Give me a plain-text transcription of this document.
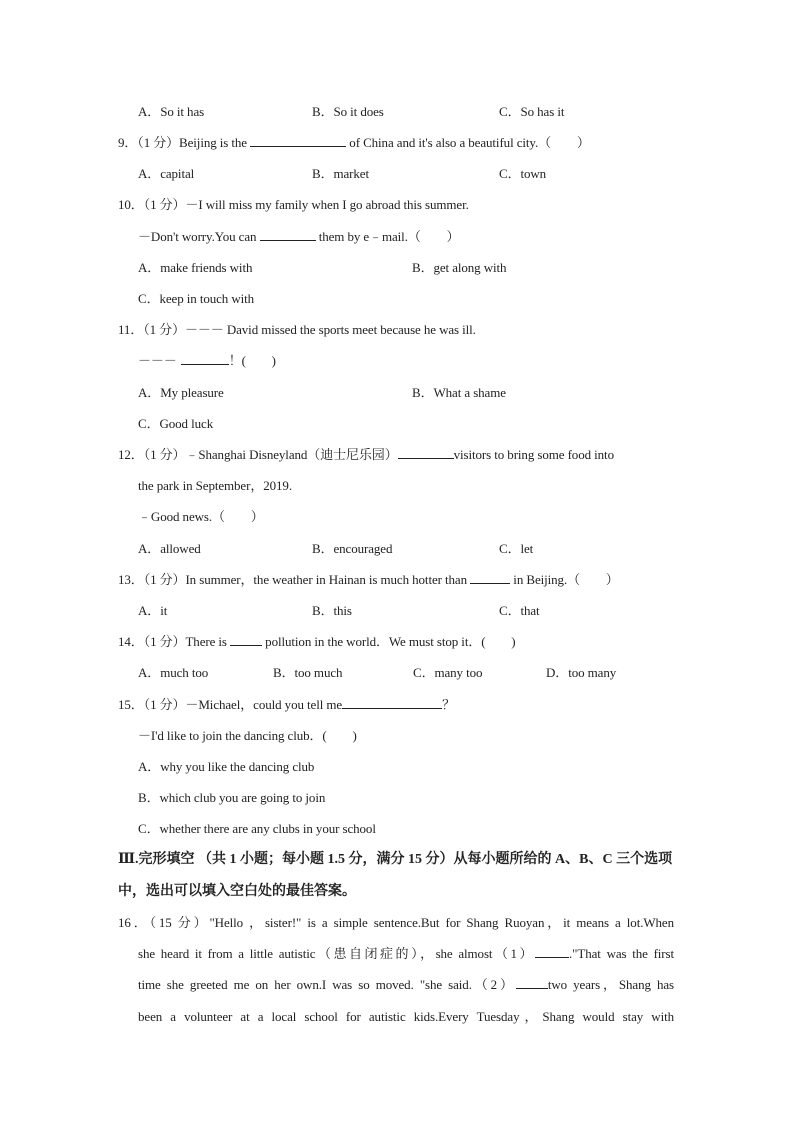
A．So it has	B．So it does	C．So has it
9．（1 分）Beijing is the	of China and it's also a beautiful city.（　　）
A．capital	B．market	C．town
10．（1 分）－I will miss my family when I go abroad this summer.
－Don't worry.You can	them by e﹣mail.（　　）
A．make friends with	B．get along with
C．keep in touch with
11．（1 分）－－－ David missed the sports meet because he was ill.
－－－	！(　　)
A．My pleasure	B．What a shame
C．Good luck
12．（1 分）﹣Shanghai Disneyland（迪士尼乐园）	visitors to bring some food into
the park in September，2019.
﹣Good news.（　　）
A．allowed	B．encouraged	C．let
13．（1 分）In summer，the weather in Hainan is much hotter than	in Beijing.（　　）
A．it	B．this	C．that
14．（1 分）There is  pollution in the world．We must stop it．(　　)
A．much too	B．too much	C．many too	D．too many
15．（1 分）－Michael，could you tell me	？
－I'd like to join the dancing club．(　　)
A．why you like the dancing club
B．which club you are going to join
C．whether there are any clubs in your school
Ⅲ.完形填空 （共 1 小题；每小题 1.5 分，满分 15 分）从每小题所给的 A、B、C 三个选项
中，选出可以填入空白处的最佳答案。
16．（15 分）"Hello ，sister!" is a simple sentence.But for Shang Ruoyan，it means a lot.When
she heard it from a little autistic（患自闭症的），she almost（1）	."That was the first
time she greeted me on her own.I was so moved. "she said.（2） two years，Shang has
been a volunteer at a local school for autistic kids.Every Tuesday，Shang would stay with
